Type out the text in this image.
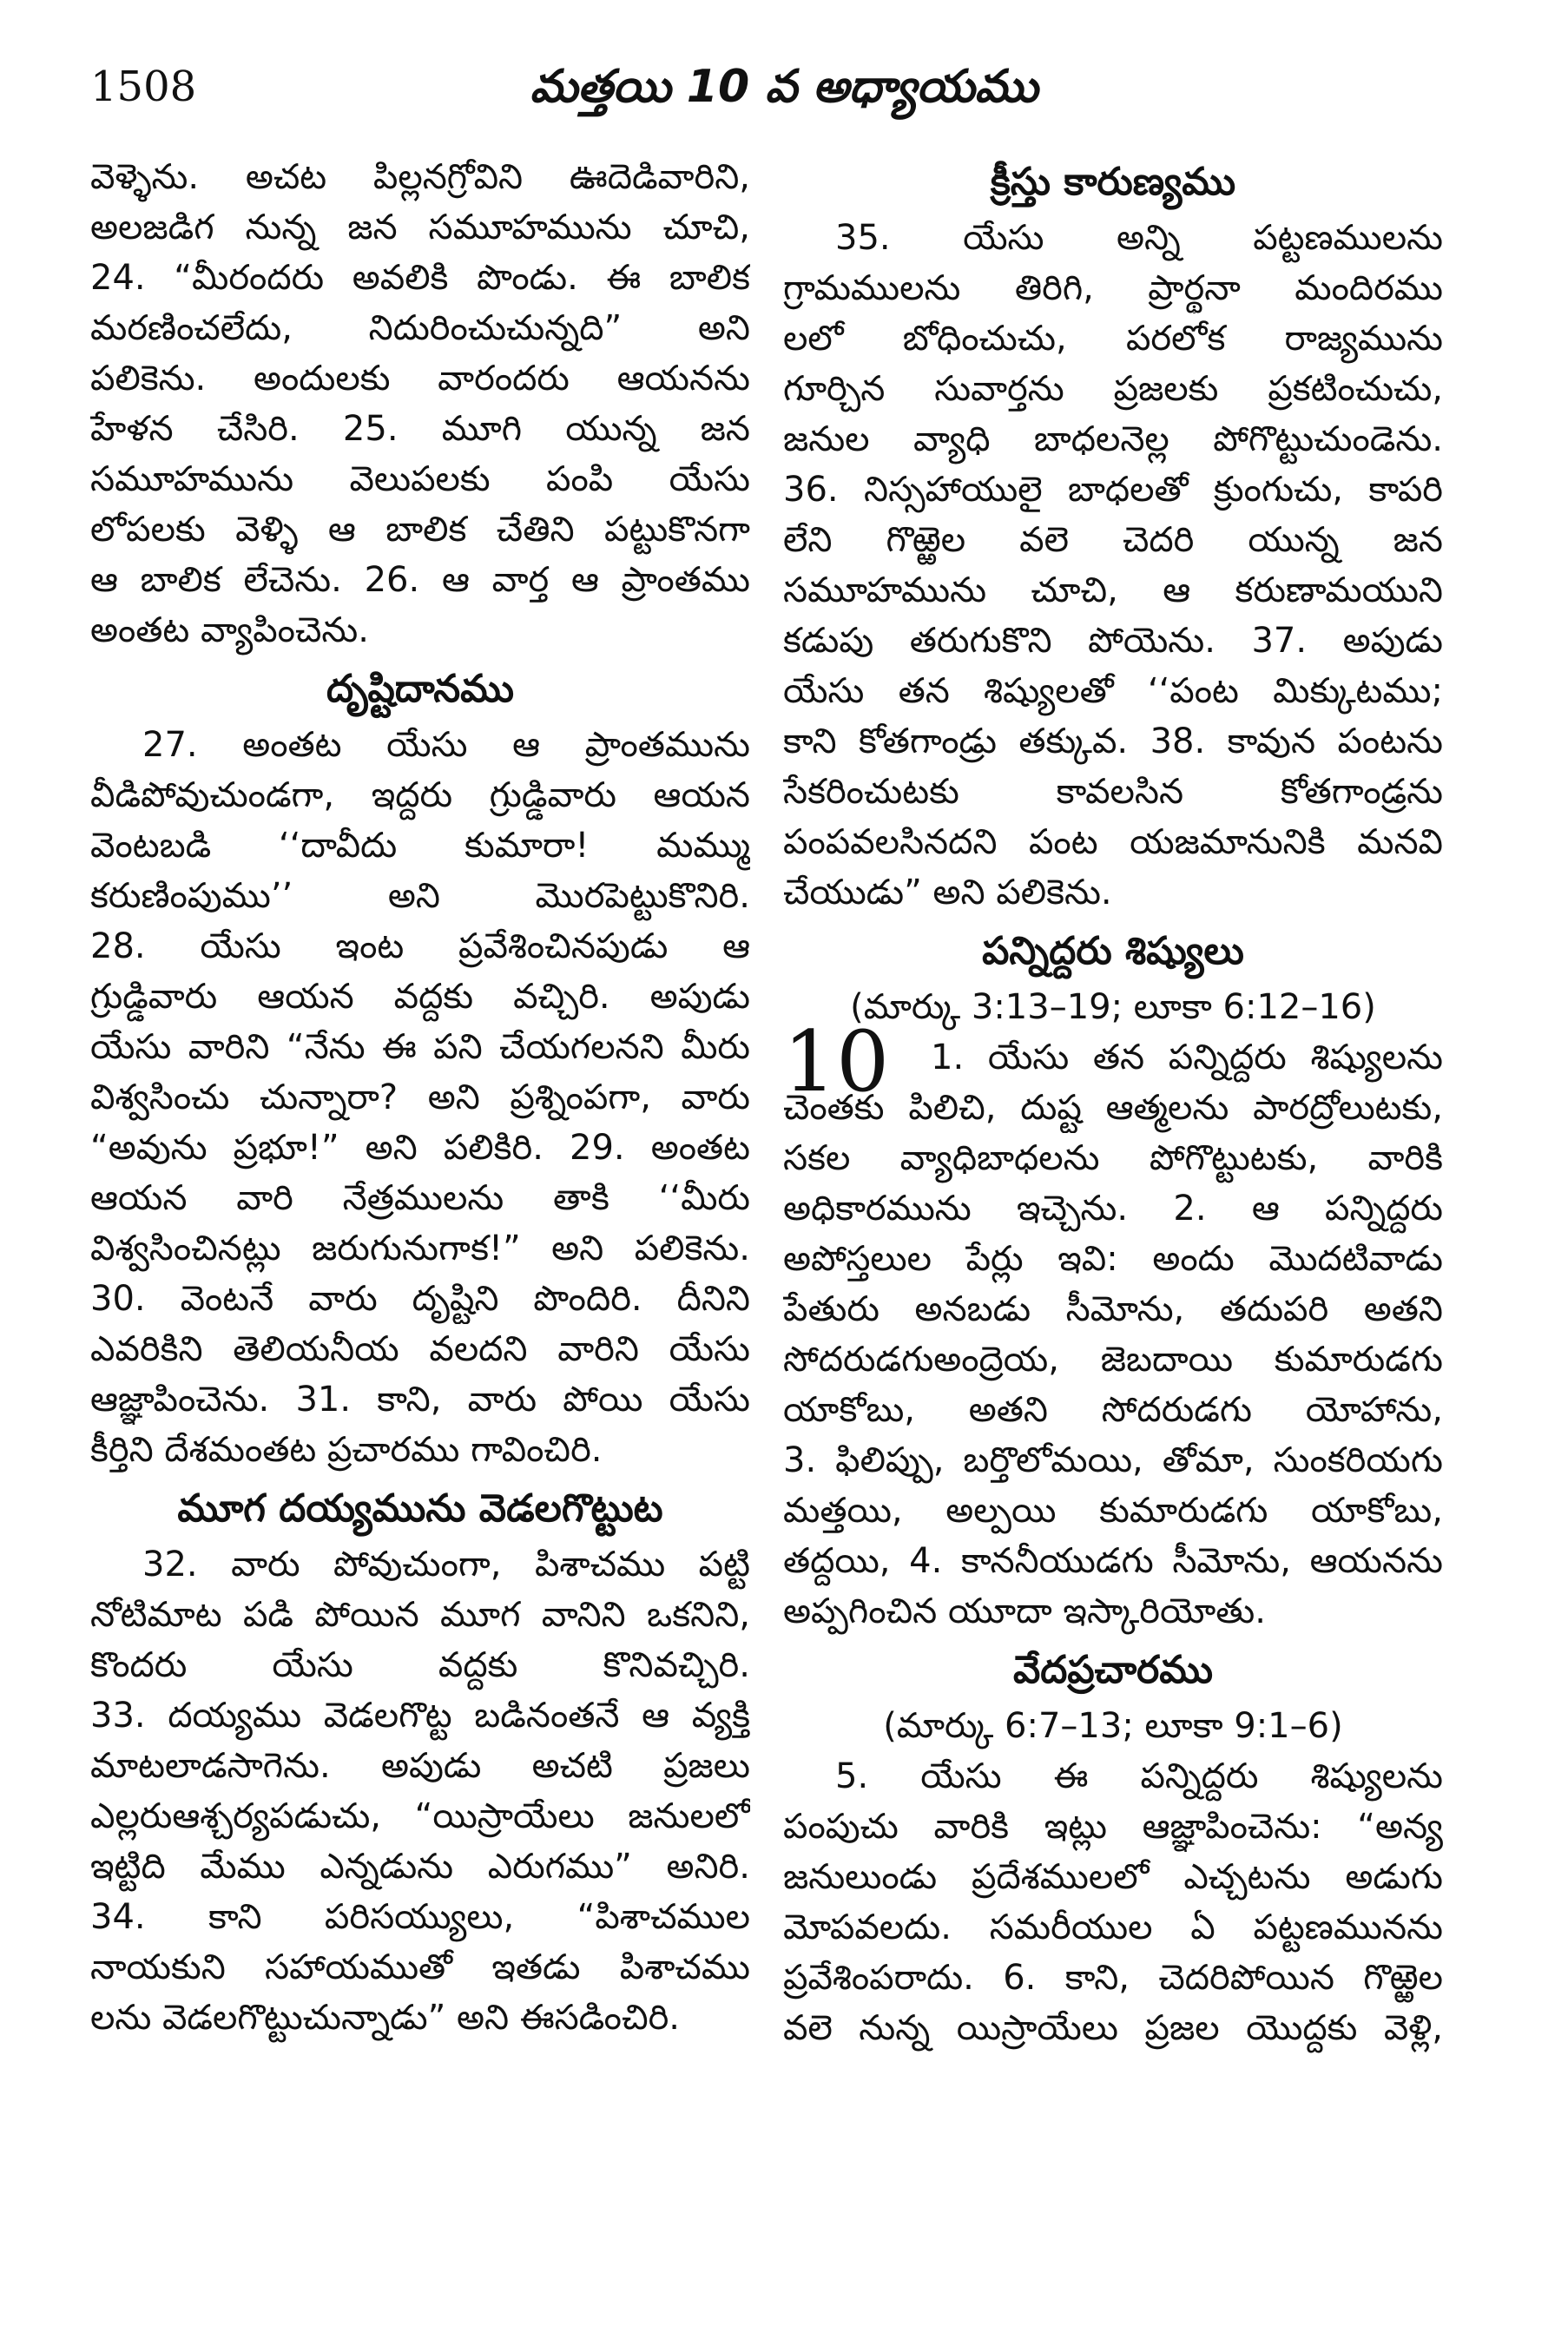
1508	మత్తయి 10 వ అధ్యాయము
వెళ్ళెను. అచట పిల్లనగ్రోవిని ఊదెడివారిని,
అలజడిగ నున్న జన సమూహమును చూచి,
24. “మీరందరు అవలికి పొండు. ఈ బాలిక
మరణించలేదు, నిదురించుచున్నది” అని
పలికెను. అందులకు వారందరు ఆయనను
హేళన చేసిరి. 25. మూగి యున్న జన
సమూహమును వెలుపలకు పంపి యేసు
లోపలకు వెళ్ళి ఆ బాలిక చేతిని పట్టుకొనగా
ఆ బాలిక లేచెను. 26. ఆ వార్త ఆ ప్రాంతము
అంతట వ్యాపించెను.
దృష్టిదానము
27. అంతట యేసు ఆ ప్రాంతమును
వీడిపోవుచుండగా, ఇద్దరు గ్రుడ్డివారు ఆయన
వెంటబడి ‘‘దావీదు కుమారా! మమ్ము
కరుణింపుము’’ అని మొరపెట్టుకొనిరి.
28. యేసు ఇంట ప్రవేశించినపుడు ఆ
గ్రుడ్డివారు ఆయన వద్దకు వచ్చిరి. అపుడు
యేసు వారిని “నేను ఈ పని చేయగలనని మీరు
విశ్వసించు చున్నారా? అని ప్రశ్నింపగా, వారు
“అవును ప్రభూ!” అని పలికిరి. 29. అంతట
ఆయన వారి నేత్రములను తాకి ‘‘మీరు
విశ్వసించినట్లు జరుగునుగాక!” అని పలికెను.
30. వెంటనే వారు దృష్టిని పొందిరి. దీనిని
ఎవరికిని తెలియనీయ వలదని వారిని యేసు
ఆజ్ఞాపించెను. 31. కాని, వారు పోయి యేసు
కీర్తిని దేశమంతట ప్రచారము గావించిరి.
మూగ దయ్యమును వెడలగొట్టుట
32. వారు పోవుచుంగా, పిశాచము పట్టి
నోటిమాట పడి పోయిన మూగ వానిని ఒకనిని,
కొందరు యేసు వద్దకు కొనివచ్చిరి.
33. దయ్యము వెడలగొట్ట బడినంతనే ఆ వ్యక్తి
మాటలాడసాగెను. అపుడు అచటి ప్రజలు
ఎల్లరుఆశ్చర్యపడుచు, “యిస్రాయేలు జనులలో
ఇట్టిది మేము ఎన్నడును ఎరుగము” అనిరి.
34. కాని పరిసయ్యులు, “పిశాచముల
నాయకుని సహాయముతో ఇతడు పిశాచము
లను వెడలగొట్టుచున్నాడు” అని ఈసడించిరి.
క్రీస్తు కారుణ్యము
35. యేసు అన్ని పట్టణములను
గ్రామములను తిరిగి, ప్రార్థనా మందిరము
లలో బోధించుచు, పరలోక రాజ్యమును
గూర్చిన సువార్తను ప్రజలకు ప్రకటించుచు,
జనుల వ్యాధి బాధలనెల్ల పోగొట్టుచుండెను.
36. నిస్సహాయులై బాధలతో క్రుంగుచు, కాపరి
లేని గొఱ్ఱెల వలె చెదరి యున్న జన
సమూహమును చూచి, ఆ కరుణామయుని
కడుపు తరుగుకొని పోయెను. 37. అపుడు
యేసు తన శిష్యులతో ‘‘పంట మిక్కుటము;
కాని కోతగాండ్రు తక్కువ. 38. కావున పంటను
సేకరించుటకు కావలసిన కోతగాండ్రను
పంపవలసినదని పంట యజమానునికి మనవి
చేయుడు” అని పలికెను.
పన్నిద్దరు శిష్యులు
(మార్కు 3:13–19; లూకా 6:12–16)
10 1. యేసు తన పన్నిద్దరు శిష్యులను
చెంతకు పిలిచి, దుష్ట ఆత్మలను పారద్రోలుటకు,
సకల వ్యాధిబాధలను పోగొట్టుటకు, వారికి
అధికారమును ఇచ్చెను. 2. ఆ పన్నిద్దరు
అపోస్తలుల పేర్లు ఇవి: అందు మొదటివాడు
పేతురు అనబడు సీమోను, తదుపరి అతని
సోదరుడగుఅంద్రెయ, జెబదాయి కుమారుడగు
యాకోబు, అతని సోదరుడగు యోహాను,
3. ఫిలిప్పు, బర్తొలోమయి, తోమా, సుంకరియగు
మత్తయి, అల్పయి కుమారుడగు యాకోబు,
తద్దయి, 4. కాననీయుడగు సీమోను, ఆయనను
అప్పగించిన యూదా ఇస్కారియోతు.
వేదప్రచారము
(మార్కు 6:7–13; లూకా 9:1–6)
5. యేసు ఈ పన్నిద్దరు శిష్యులను
పంపుచు వారికి ఇట్లు ఆజ్ఞాపించెను: “అన్య
జనులుండు ప్రదేశములలో ఎచ్చటను అడుగు
మోపవలదు. సమరీయుల ఏ పట్టణమునను
ప్రవేశింపరాదు. 6. కాని, చెదరిపోయిన గొఱ్ఱెల
వలె నున్న యిస్రాయేలు ప్రజల యొద్దకు వెళ్లి,
